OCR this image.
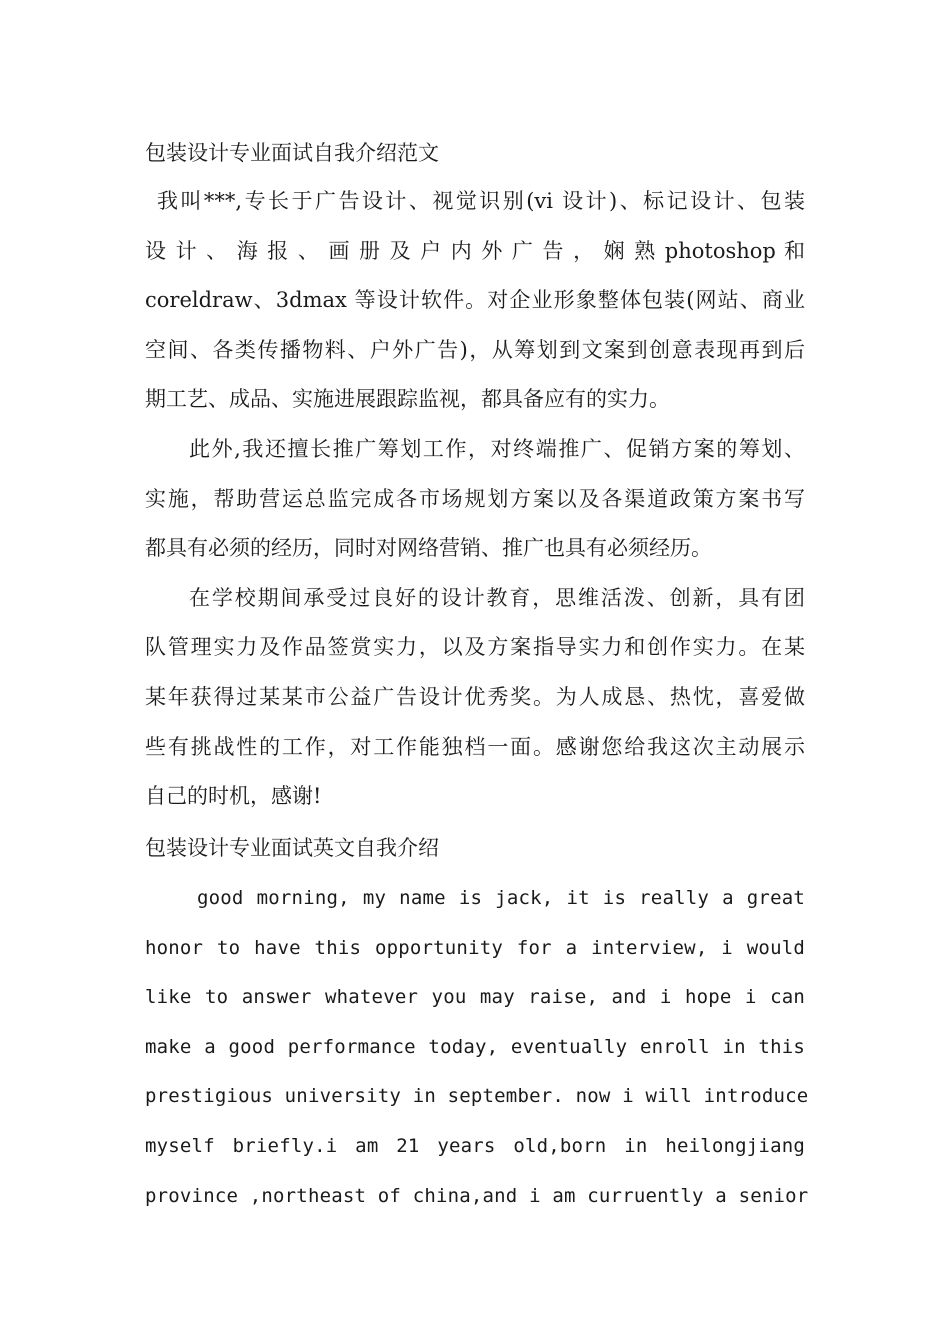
包装设计专业面试自我介绍范文
我叫***,专长于广告设计、视觉识别(vi 设计)、标记设计、包装
设 计 、 海 报 、 画 册 及 户 内 外 广 告 ， 娴 熟 photoshop 和
coreldraw、3dmax 等设计软件。对企业形象整体包装(网站、商业
空间、各类传播物料、户外广告)，从筹划到文案到创意表现再到后
期工艺、成品、实施进展跟踪监视，都具备应有的实力。
此外,我还擅长推广筹划工作，对终端推广、促销方案的筹划、
实施，帮助营运总监完成各市场规划方案以及各渠道政策方案书写
都具有必须的经历，同时对网络营销、推广也具有必须经历。
在学校期间承受过良好的设计教育，思维活泼、创新，具有团
队管理实力及作品签赏实力，以及方案指导实力和创作实力。在某
某年获得过某某市公益广告设计优秀奖。为人成恳、热忱，喜爱做
些有挑战性的工作，对工作能独档一面。感谢您给我这次主动展示
自己的时机，感谢!
包装设计专业面试英文自我介绍
good morning, my name is jack, it is really a great
honor to have this opportunity for a interview, i would
like to answer whatever you may raise, and i hope i can
make a good performance today, eventually enroll in this
prestigious university in september. now i will introduce
myself briefly.i am 21 years old,born in heilongjiang
province ,northeast of china,and i am curruently a senior
